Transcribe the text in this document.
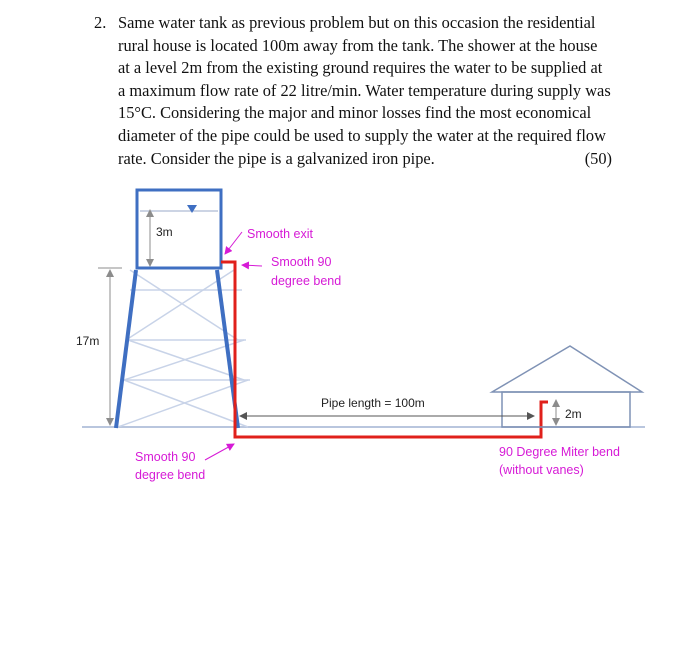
2. Same water tank as previous problem but on this occasion the residential
rural house is located 100m away from the tank. The shower at the house
at a level 2m from the existing ground requires the water to be supplied at
a maximum flow rate of 22 litre/min. Water temperature during supply was
15°C. Considering the major and minor losses find the most economical
diameter of the pipe could be used to supply the water at the required flow
rate. Consider the pipe is a galvanized iron pipe.	(50)
3m
17m
2m
Pipe length = 100m
Smooth exit
Smooth 90
degree bend
Smooth 90
degree bend
90 Degree Miter bend
(without vanes)
